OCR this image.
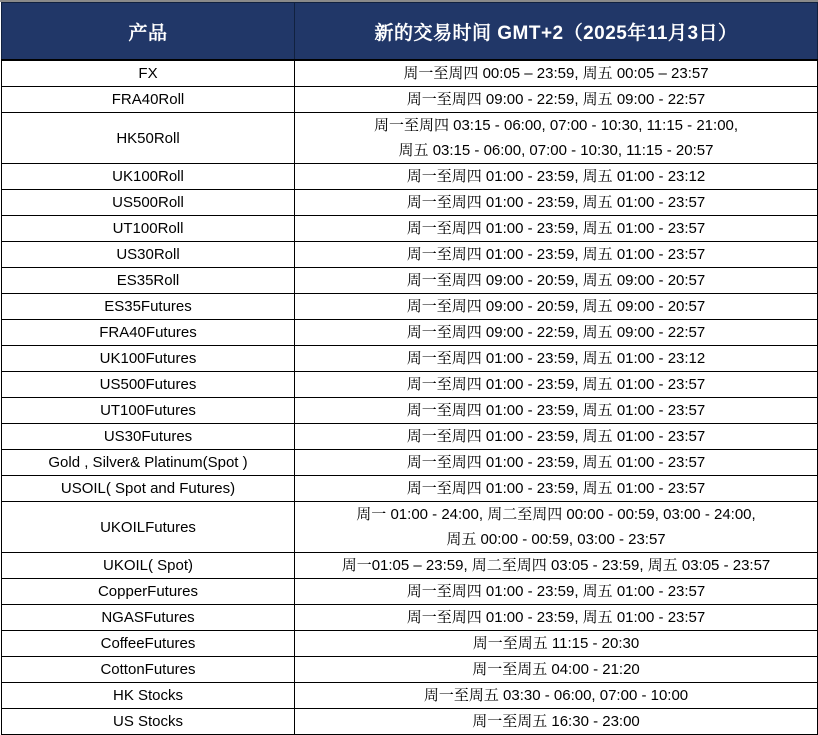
产品	新的交易时间 GMT+2（2025年11月3日）
FX	周一至周四 00:05 – 23:59, 周五 00:05 – 23:57

FRA40Roll	周一至周四 09:00 - 22:59, 周五 09:00 - 22:57

HK50Roll	周一至周四 03:15 - 06:00, 07:00 - 10:30, 11:15 - 21:00,
周五 03:15 - 06:00, 07:00 - 10:30, 11:15 - 20:57

UK100Roll	周一至周四 01:00 - 23:59, 周五 01:00 - 23:12

US500Roll	周一至周四 01:00 - 23:59, 周五 01:00 - 23:57

UT100Roll	周一至周四 01:00 - 23:59, 周五 01:00 - 23:57

US30Roll	周一至周四 01:00 - 23:59, 周五 01:00 - 23:57

ES35Roll	周一至周四 09:00 - 20:59, 周五 09:00 - 20:57

ES35Futures	周一至周四 09:00 - 20:59, 周五 09:00 - 20:57

FRA40Futures	周一至周四 09:00 - 22:59, 周五 09:00 - 22:57

UK100Futures	周一至周四 01:00 - 23:59, 周五 01:00 - 23:12

US500Futures	周一至周四 01:00 - 23:59, 周五 01:00 - 23:57

UT100Futures	周一至周四 01:00 - 23:59, 周五 01:00 - 23:57

US30Futures	周一至周四 01:00 - 23:59, 周五 01:00 - 23:57

Gold , Silver& Platinum(Spot )	周一至周四 01:00 - 23:59, 周五 01:00 - 23:57

USOIL( Spot and Futures)	周一至周四 01:00 - 23:59, 周五 01:00 - 23:57

UKOILFutures	周一 01:00 - 24:00, 周二至周四 00:00 - 00:59, 03:00 - 24:00,
周五 00:00 - 00:59, 03:00 - 23:57

UKOIL( Spot)	周一01:05 – 23:59, 周二至周四 03:05 - 23:59, 周五 03:05 - 23:57

CopperFutures	周一至周四 01:00 - 23:59, 周五 01:00 - 23:57

NGASFutures	周一至周四 01:00 - 23:59, 周五 01:00 - 23:57

CoffeeFutures	周一至周五 11:15 - 20:30

CottonFutures	周一至周五 04:00 - 21:20

HK Stocks	周一至周五 03:30 - 06:00, 07:00 - 10:00

US Stocks	周一至周五 16:30 - 23:00
